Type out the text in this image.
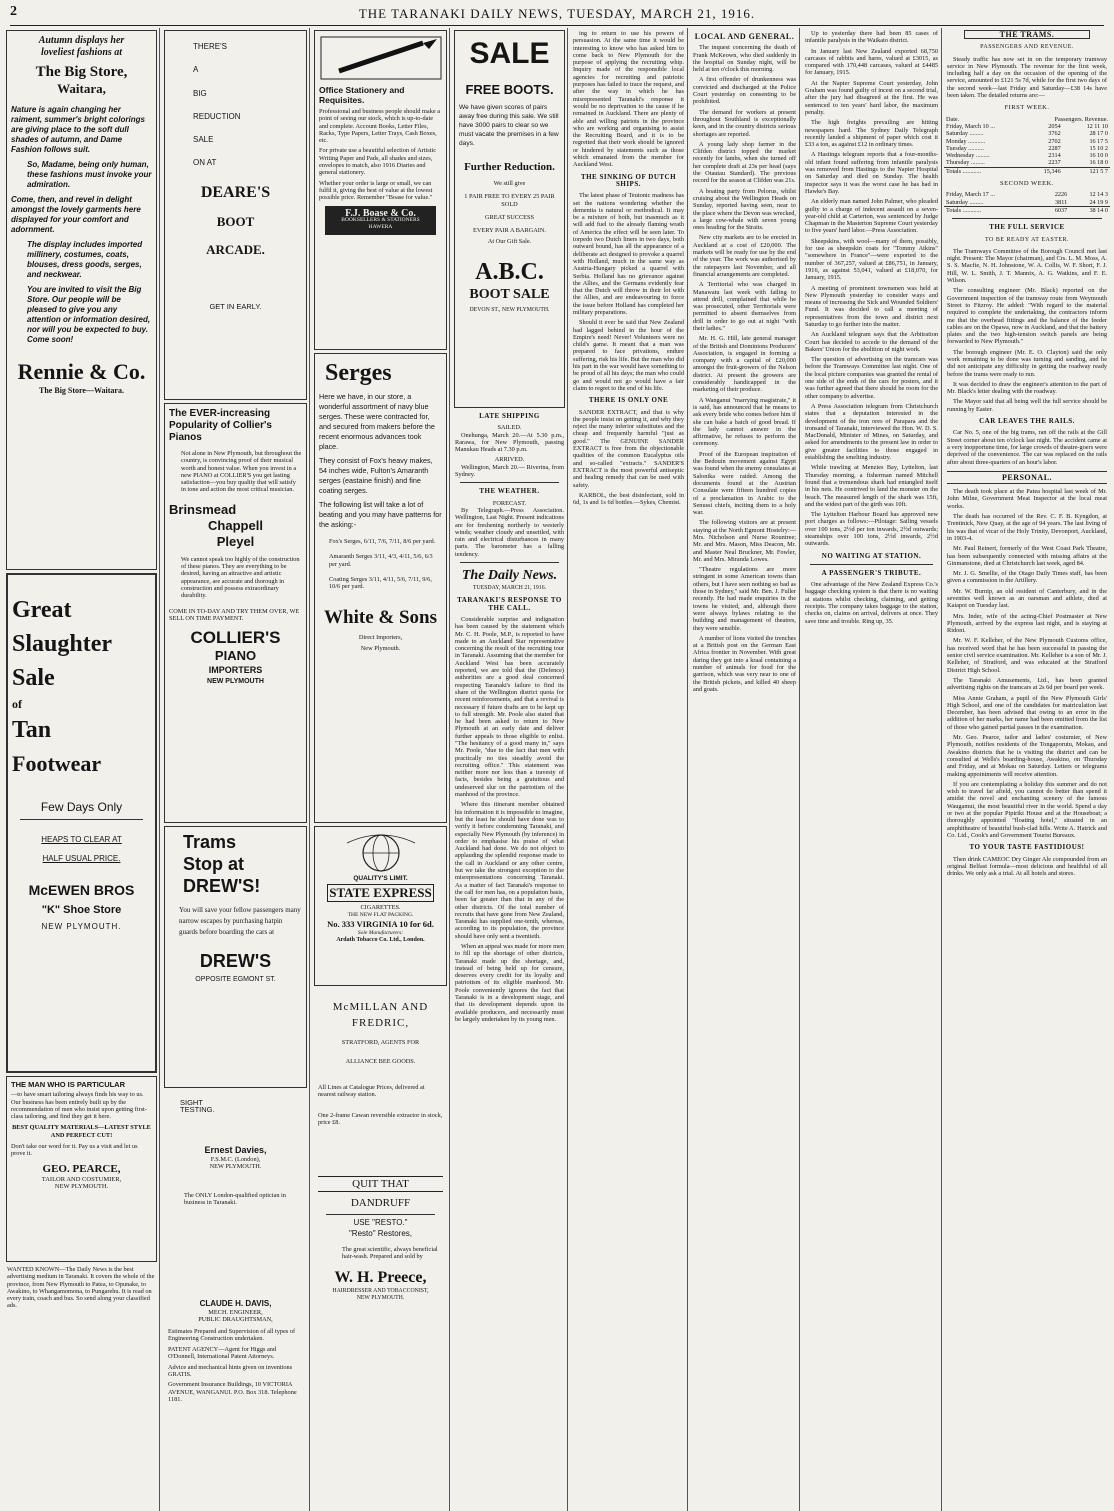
2	THE TARANAKI DAILY NEWS, TUESDAY, MARCH 21, 1916.
Autumn displays her
loveliest fashions at
The Big Store,
Waitara,
Nature is again changing her raiment, summer's bright colorings are giving place to the soft dull shades of autumn, and Dame Fashion follows suit.
So, Madame, being only human, these fashions must invoke your admiration.
Come, then, and revel in delight amongst the lovely garments here displayed for your comfort and adornment.
The display includes imported millinery, costumes, coats, blouses, dress goods, serges, and neckwear.
You are invited to visit the Big Store. Our people will be pleased to give you any attention or information desired, nor will you be expected to buy. Come soon!
Rennie & Co.
The Big Store—Waitara.
Great
Slaughter
Sale
of
Tan
Footwear
Few Days Only
HEAPS TO CLEAR AT
HALF USUAL PRICE.
McEWEN BROS
"K" Shoe Store
NEW PLYMOUTH.
THE MAN WHO IS PARTICULAR
—to have smart tailoring always finds his way to us. Our business has been entirely built up by the recommendation of men who insist upon getting first-class tailoring, and find they get it here.
BEST QUALITY MATERIALS—LATEST STYLE AND PERFECT CUT!
Don't take our word for it. Pay us a visit and let us prove it.
GEO. PEARCE,
TAILOR AND COSTUMIER,
NEW PLYMOUTH.
WANTED KNOWN—The Daily News is the best advertising medium in Taranaki. It covers the whole of the province, from New Plymouth to Patea, to Opunake, to Awakino, to Whangamomona, to Pungarehu. It is read on every train, coach and bus. So send along your classified ads.
THERE'S
A
BIG
REDUCTION
SALE
ON AT
DEARE'S
BOOT
ARCADE.
GET IN EARLY.
The EVER-increasing Popularity of Collier's Pianos
Not alone in New Plymouth, but throughout the country, is convincing proof of their musical worth and honest value. When you invest in a new PIANO at COLLIER'S you get lasting satisfaction—you buy quality that will satisfy in tone and action the most critical musician.
Brinsmead
Chappell
Pleyel
We cannot speak too highly of the construction of these pianos. They are everything to be desired, having an attractive and artistic appearance, are accurate and thorough in construction and possess extraordinary durability.
COME IN TO-DAY AND TRY THEM OVER, WE SELL ON TIME PAYMENT.
COLLIER'S
PIANO
IMPORTERS
NEW PLYMOUTH
Trams
Stop at
DREW'S!
You will save your fellow passengers many narrow escapes by purchasing hatpin guards before boarding the cars at
DREW'S
OPPOSITE EGMONT ST.
SIGHT
TESTING.
Ernest Davies,
F.S.M.C. (London),
NEW PLYMOUTH.
The ONLY London-qualified optician in business in Taranaki.
CLAUDE H. DAVIS,
MECH. ENGINEER,
PUBLIC DRAUGHTSMAN,
Estimates Prepared and Supervision of all types of Engineering Construction undertaken.
PATENT AGENCY—Agent for Higgs and O'Donnell, International Patent Attorneys.
Advice and mechanical hints given on inventions GRATIS.
Government Insurance Buildings, 10 VICTORIA AVENUE, WANGANUI. P.O. Box 318. Telephone 1181.
Office Stationery and Requisites.
Professional and business people should make a point of seeing our stock, which is up-to-date and complete. Account Books, Letter Files, Racks, Type Papers, Letter Trays, Cash Boxes, etc.
For private use a beautiful selection of Artistic Writing Paper and Pads, all shades and sizes, envelopes to match, also 1916 Diaries and general stationery.
Whether your order is large or small, we can fulfil it, giving the best of value at the lowest possible price. Remember "Boase for value."
F.J. Boase & Co.
BOOKSELLERS & STATIONERS
HAWERA
Serges
Here we have, in our store, a wonderful assortment of navy blue serges. These were contracted for, and secured from makers before the recent enormous advances took place.
They consist of Fox's heavy makes, 54 inches wide, Fulton's Amaranth serges (eastaine finish) and fine coating serges.
The following list will take a lot of beating and you may have patterns for the asking:-
Fox's Serges, 6/11, 7/6, 7/11, 8/6 per yard.
Amaranth Serges 3/11, 4/3, 4/11, 5/6, 6/3 per yard.
Coating Serges 3/11, 4/11, 5/6, 7/11, 9/6, 10/6 per yard.
White & Sons
Direct Importers,
New Plymouth.
QUALITY'S LIMIT.
STATE EXPRESS
CIGARETTES.
THE NEW FLAT PACKING.
No. 333 VIRGINIA 10 for 6d.
Sole Manufacturers:
Ardath Tobacco Co. Ltd., London.
McMILLAN AND
FREDRIC,
STRATFORD, AGENTS FOR
ALLIANCE BEE GOODS.
All Lines at Catalogue Prices, delivered at nearest railway station.
One 2-frame Cawan reversible extractor in stock, price £8.
QUIT THAT
DANDRUFF
USE "RESTO."
"Resto" Restores,
The great scientific, always beneficial hair-wash. Prepared and sold by
W. H. Preece,
HAIRDRESSER AND TOBACCONIST,
NEW PLYMOUTH.
SALE
FREE BOOTS.
We have given scores of pairs away free during this sale. We still have 3000 pairs to clear so we must vacate the premises in a few days.
Further Reduction.
We still give
1 PAIR FREE TO EVERY 25 PAIR SOLD
GREAT SUCCESS
EVERY PAIR A BARGAIN.
At Our Gift Sale.
A.B.C.
BOOT SALE
DEVON ST., NEW PLYMOUTH.
LATE SHIPPING
SAILED.
Onehunga, March 20.—At 5.30 p.m., Rarawa, for New Plymouth, passing Manukau Heads at 7.30 p.m.
ARRIVED.
Wellington, March 20.— Riverina, from Sydney.
THE WEATHER.
FORECAST.
By Telegraph.—Press Association. Wellington, Last Night. Present indications are for freshening northerly to westerly winds; weather cloudy and unsettled, with rain and electrical disturbances in many parts. The barometer has a falling tendency.
The Daily News.
TUESDAY, MARCH 21, 1916.
TARANAKI'S RESPONSE TO THE CALL.
Considerable surprise and indignation has been caused by the statement which Mr. C. H. Poole, M.P., is reported to have made to an Auckland Star representative concerning the result of the recruiting tour in Taranaki. Assuming that the member for Auckland West has been accurately reported, we are told that the (Defence) authorities are a good deal concerned respecting Taranaki's failure to find its share of the Wellington district quota for recent reinforcements, and that a revival is necessary if future drafts are to be kept up to full strength. Mr. Poole also stated that he had been asked to return to New Plymouth at an early date and deliver further appeals to those eligible to enlist. "The hesitancy of a good many in," says Mr. Poole, "due to the fact that men with practically no ties steadily avoid the recruiting office." This statement was neither more nor less than a travesty of facts, besides being a gratuitous and undeserved slur on the patriotism of the manhood of the province.
Where this itinerant member obtained his information it is impossible to imagine, but the least he should have done was to verify it before condemning Taranaki, and especially New Plymouth (by inference) in order to emphasise his praise of what Auckland had done. We do not object to applauding the splendid response made to the call in Auckland or any other centre, but we take the strongest exception to the misrepresentations concerning Taranaki. As a matter of fact Taranaki's response to the call for men has, on a population basis, been far greater than that in any of the other districts. Of the total number of recruits that have gone from New Zealand, Taranaki has supplied one-tenth, whereas, according to its population, the province should have only sent a twentieth.
When an appeal was made for more men to fill up the shortage of other districts, Taranaki made up the shortage, and, instead of being held up for censure, deserves every credit for its loyalty and patriotism of its eligible manhood. Mr. Poole conveniently ignores the fact that Taranaki is in a development stage, and that its development depends upon its available producers, and necessarily must be largely undertaken by its young men.
ing to return to use his powers of persuasion. At the same time it would be interesting to know who has asked him to come back to New Plymouth for the purpose of applying the recruiting whip. Inquiry made of the responsible local agencies for recruiting and patriotic purposes has failed to trace the request, and after the way in which he has misrepresented Taranaki's response it would be no deprivation to the cause if he remained in Auckland. There are plenty of able and willing patriots in the province who are working and organising to assist the Recruiting Board, and it is to be regretted that their work should be ignored or hindered by statements such as those which emanated from the member for Auckland West.
THE SINKING OF DUTCH SHIPS.
The latest phase of Teutonic madness has set the nations wondering whether the dementia is natural or methodical. It may be a mixture of both, but inasmuch as it will add fuel to the already flaming wrath of America the effect will be seen later. To torpedo two Dutch liners in two days, both outward bound, has all the appearance of a deliberate act designed to provoke a quarrel with Holland, much in the same way as Austria-Hungary picked a quarrel with Serbia. Holland has no grievance against the Allies, and the Germans evidently fear that the Dutch will throw in their lot with the Allies, and are endeavouring to force the issue before Holland has completed her military preparations.
Should it ever be said that New Zealand had lagged behind in the hour of the Empire's need! Never! Volunteers were no child's game. It meant that a man was prepared to face privations, endure suffering, risk his life. But the man who did his part in the war would have something to be proud of all his days; the man who could go and would not go would have a fair claim to regret to the end of his life.
THERE IS ONLY ONE
SANDER EXTRACT, and that is why the people insist on getting it, and why they reject the many inferior substitutes and the cheap and frequently harmful "just as good." The GENUINE SANDER EXTRACT is free from the objectionable qualities of the common Eucalyptus oils and so-called "extracts." SANDER'S EXTRACT is the most powerful antiseptic and healing remedy that can be used with safety.
KARBOL, the best disinfectant, sold in 6d, 1s and 1s 6d bottles.—Sykes, Chemist.
LOCAL AND GENERAL.
The inquest concerning the death of Frank McKeown, who died suddenly in the hospital on Sunday night, will be held at ten o'clock this morning.
A first offender of drunkenness was convicted and discharged at the Police Court yesterday on consenting to be prohibited.
The demand for workers at present throughout Southland is exceptionally keen, and in the country districts serious shortages are reported.
A young lady shop farmer in the Clifden district topped the market recently for lambs, when she turned off her complete draft at 23s per head (says the Otautau Standard). The previous record for the season at Clifden was 21s.
A boating party from Pelorus, whilst cruising about the Wellington Heads on Sunday, reported having seen, near to the place where the Devon was wrecked, a large cow-whale with seven young ones heading for the Straits.
New city markets are to be erected in Auckland at a cost of £20,000. The markets will be ready for use by the end of the year. The work was authorised by the ratepayers last November, and all financial arrangements are completed.
A Territorial who was charged in Manawatu last week with failing to attend drill, complained that while he was prosecuted, other Territorials were permitted to absent themselves from drill in order to go out at night "with their ladies."
Mr. H. G. Hill, late general manager of the British and Dominions Producers' Association, is engaged in forming a company with a capital of £20,000 amongst the fruit-growers of the Nelson district. At present the growers are considerably handicapped in the marketing of their produce.
A Wanganui "marrying magistrate," it is said, has announced that he means to ask every bride who comes before him if she can bake a batch of good bread. If the lady cannot answer in the affirmative, he refuses to perform the ceremony.
Proof of the European inspiration of the Bedouin movement against Egypt was found when the enemy consulates at Salonika were raided. Among the documents found at the Austrian Consulate were fifteen hundred copies of a proclamation in Arabic to the Senussi chiefs, inciting them to a holy war.
The following visitors are at present staying at the North Egmont Hostelry:—Mrs. Nicholson and Nurse Rountree; Mr. and Mrs. Mason, Miss Deacon, Mr. and Master Neal Bruckner, Mr. Fowler, Mr. and Mrs. Miranda Lowes.
"Theatre regulations are more stringent in some American towns than others, but I have seen nothing so bad as those in Sydney," said Mr. Ben. J. Fuller recently. He had made enquiries in the towns he visited, and, although there were always bylaws relating to the building and management of theatres, they were sensible.
A number of lions visited the trenches at a British post on the German East Africa frontier in November. With great daring they got into a kraal containing a number of animals for food for the garrison, which was very near to one of the British pickets, and killed 40 sheep and goats.
Up to yesterday there had been 85 cases of infantile paralysis in the Waikato district.
In January last New Zealand exported 68,750 carcases of rabbits and hares, valued at £3015, as compared with 170,448 carcases, valued at £4485 for January, 1915.
At the Napier Supreme Court yesterday, John Graham was found guilty of incest on a second trial, after the jury had disagreed at the first. He was sentenced to ten years' hard labor, the maximum penalty.
The high freights prevailing are hitting newspapers hard. The Sydney Daily Telegraph recently landed a shipment of paper which cost it £33 a ton, as against £12 in ordinary times.
A Hastings telegram reports that a four-months-old infant found suffering from infantile paralysis was removed from Hastings to the Napier Hospital on Saturday and died on Sunday. The health inspector says it was the worst case he has had in Hawke's Bay.
An elderly man named John Palmer, who pleaded guilty to a charge of indecent assault on a seven-year-old child at Carterton, was sentenced by Judge Chapman in the Masterton Supreme Court yesterday to five years' hard labor.—Press Association.
Sheepskins, with wool—many of them, possibly, for use as sheepskin coats for "Tommy Atkins" "somewhere in France"—were exported to the number of 367,257, valued at £86,751, in January, 1916, as against 53,041, valued at £18,070, for January, 1915.
A meeting of prominent townsmen was held at New Plymouth yesterday to consider ways and means of increasing the Sick and Wounded Soldiers' Fund. It was decided to call a meeting of representatives from the town and district next Saturday to go further into the matter.
An Auckland telegram says that the Arbitration Court has decided to accede to the demand of the Bakers' Union for the abolition of night work.
The question of advertising on the tramcars was before the Tramways Committee last night. One of the local picture companies was granted the rental of one side of the ends of the cars for posters, and it was further agreed that there should be room for the other company to advertise.
A Press Association telegram from Christchurch states that a deputation interested in the development of the iron ores of Parapara and the ironsand of Taranaki, interviewed the Hon. W. D. S. MacDonald, Minister of Mines, on Saturday, and asked for amendments to the present law in order to give greater facilities to those engaged in establishing the smelting industry.
While trawling at Menzies Bay, Lyttelton, last Thursday morning, a fisherman named Mitchell found that a tremendous shark had entangled itself in his nets. He contrived to land the monster on the beach. The measured length of the shark was 15ft, and the widest part of the girth was 10ft.
The Lyttelton Harbour Board has approved new port charges as follows:—Pilotage: Sailing vessels over 100 tons, 2½d per ton inwards, 2½d outwards; steamships over 100 tons, 2½d inwards, 2½d outwards.
NO WAITING AT STATION.
A PASSENGER'S TRIBUTE.
One advantage of the New Zealand Express Co.'s baggage checking system is that there is no waiting at stations whilst checking, claiming, and getting receipts. The company takes baggage to the station, checks on, claims on arrival, delivers at once. They save time and trouble. Ring up, 35.
THE TRAMS.
PASSENGERS AND REVENUE.
Steady traffic has now set in on the temporary tramway service in New Plymouth. The revenue for the first week, including half a day on the occasion of the opening of the service, amounted to £121 5s 7d, while for the first two days of the second week—last Friday and Saturday—£38 14s have been taken. The detailed returns are:—
FIRST WEEK.
Date.	Passengers. Revenue.	
Friday, March 10 ...	2054	12 11 10
Saturday .........	3762	28 17 0
Monday ...........	2702	16 17 5
Tuesday ..........	2287	15 10 2
Wednesday .........	2314	16 10 0
Thursday .........	2237	16 18 0
Totals ............	15,346	121 5 7
SECOND WEEK.
Friday, March 17 ...	2226	12 14 3
Saturday .........	3811	24 19 9
Totals ............	6037	38 14 0
THE FULL SERVICE
TO BE READY AT EASTER.
The Tramways Committee of the Borough Council met last night. Present: The Mayor (chairman), and Crs. L. M. Moss, A. S. S. Macfie, N. H. Johnstone, W. A. Collis, W. F. Short, F. J. Hill, W. L. Smith, J. T. Mannix, A. G. Watkins, and F. E. Wilson.
The consulting engineer (Mr. Black) reported on the Government inspection of the tramway route from Weymouth Street to Fitzroy. He added: "With regard to the material required to complete the undertaking, the contractors inform me that the overhead fittings and the balance of the feeder cables are on the Opawa, now in Auckland, and that the battery plates and the two high-tension switch panels are being forwarded to New Plymouth."
The borough engineer (Mr. E. O. Clayton) said the only work remaining to be done was turning and sanding, and he did not anticipate any difficulty in getting the roadway ready before the trams were ready to run.
It was decided to draw the engineer's attention to the part of Mr. Black's letter dealing with the roadway.
The Mayor said that all being well the full service should be running by Easter.
CAR LEAVES THE RAILS.
Car No. 5, one of the big trams, ran off the rails at the Gill Street corner about ten o'clock last night. The accident came at a very inopportune time, for large crowds of theatre-goers were deprived of the convenience. The car was replaced on the rails after about three-quarters of an hour's labor.
PERSONAL.
The death took place at the Patea hospital last week of Mr. John Milne, Government Meat Inspector at the local meat works.
The death has occurred of the Rev. C. F. B. Kyngdon, at Trentinick, New Quay, at the age of 94 years. The last living of his was that of vicar of the Holy Trinity, Devonport, Auckland, in 1903-4.
Mr. Paul Reinert, formerly of the West Coast Park Theatre, has been subsequently connected with missing affairs at the Ginmanstone, died at Christchurch last week, aged 84.
Mr. J. G. Smellie, of the Otago Daily Times staff, has been given a commission in the Artillery.
Mr. W. Burnip, an old resident of Canterbury, and in the seventies well known as an oarsman and athlete, died at Kaiapoi on Tuesday last.
Mrs. Inder, wife of the acting-Chief Postmaster at New Plymouth, arrived by the express last night, and is staying at Ridoni.
Mr. W. F. Kelleher, of the New Plymouth Customs office, has received word that he has been successful in passing the senior civil service examination. Mr. Kelleher is a son of Mr. J. Kelleher, of Stratford, and was educated at the Stratford District High School.
The Taranaki Amusements, Ltd., has been granted advertising rights on the tramcars at 2s 6d per board per week.
Miss Annie Graham, a pupil of the New Plymouth Girls' High School, and one of the candidates for matriculation last December, has been advised that owing to an error in the addition of her marks, her name had been omitted from the list of those who gained partial passes in the examination.
Mr. Geo. Pearce, tailor and ladies' costumier, of New Plymouth, notifies residents of the Tongaporutu, Mokau, and Awakino districts that he is visiting the district and can be consulted at Wells's boarding-house, Awakino, on Thursday and Friday, and at Mokau on Saturday. Letters or telegrams making appointments will receive attention.
If you are contemplating a holiday this summer and do not wish to travel far afield, you cannot do better than spend it amidst the novel and enchanting scenery of the famous Waugamui, the most beautiful river in the world. Spend a day or two at the popular Pipiriki House and at the Houseboat; a thoroughly appointed "floating hotel," situated in an amphitheatre of beautiful bush-clad hills. Write A. Hatrick and Co. Ltd., Cook's and Government Tourist Bureaux.
TO YOUR TASTE FASTIDIOUS!
Then drink CAMEOC Dry Ginger Ale compounded from an original Belfast formula—most delicious and healthful of all drinks. We only ask a trial. At all hotels and stores.
